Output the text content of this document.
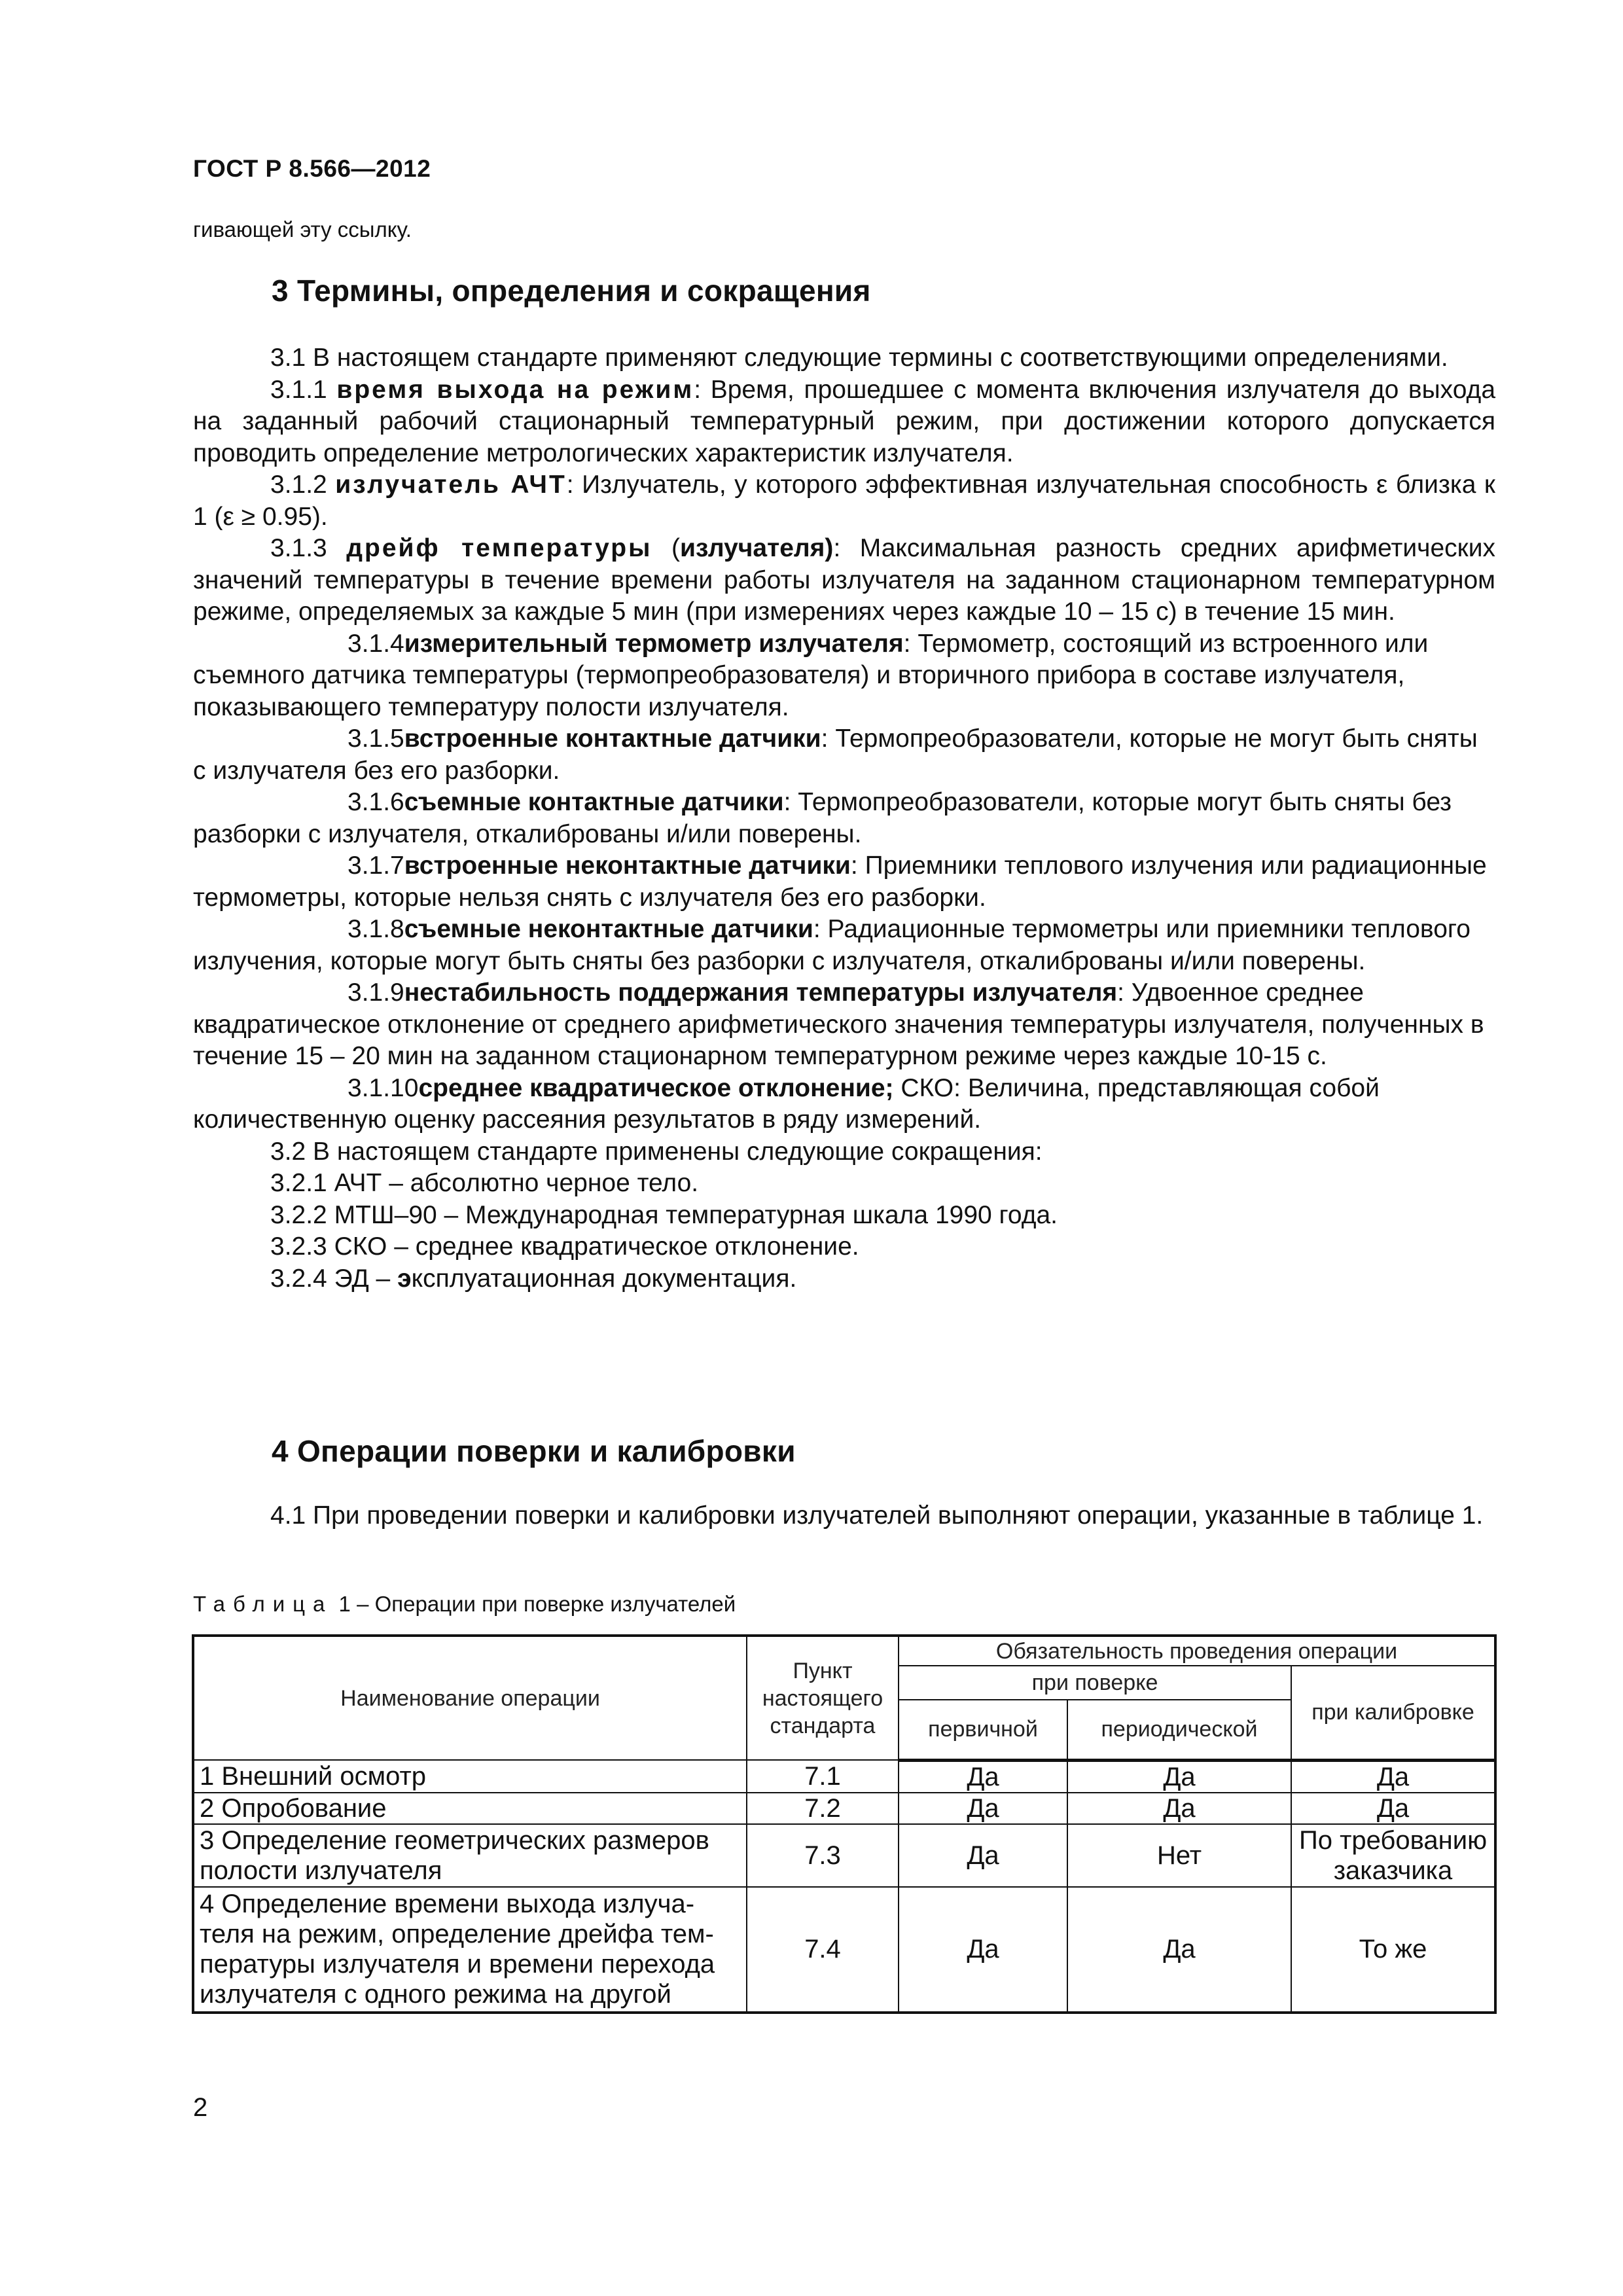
ГОСТ Р 8.566—2012
гивающей эту ссылку.
3 Термины, определения и сокращения

3.1 В настоящем стандарте применяют следующие термины с соответствующими определениями.

3.1.1 время выхода на режим: Время, прошедшее с момента включения излучателя до выхода на заданный рабочий стационарный температурный режим, при достижении которого допускается проводить определение метрологических характеристик излучателя.

3.1.2 излучатель АЧТ: Излучатель, у которого эффективная излучательная способность ε близка к 1 (ε ≥ 0.95).

3.1.3 дрейф температуры (излучателя): Максимальная разность средних арифметических значений температуры в течение времени работы излучателя на заданном стационарном температурном режиме, определяемых за каждые 5 мин (при измерениях через каждые 10 – 15 с) в течение 15 мин.

3.1.4измерительный термометр излучателя: Термометр, состоящий из встроенного или съемного датчика температуры (термопреобразователя) и вторичного прибора в составе излучателя, показывающего температуру полости излучателя.

3.1.5встроенные контактные датчики: Термопреобразователи, которые не могут быть сняты с излучателя без его разборки.

3.1.6съемные контактные датчики: Термопреобразователи, которые могут быть сняты без разборки с излучателя, откалиброваны и/или поверены.

3.1.7встроенные неконтактные датчики: Приемники теплового излучения или радиационные термометры, которые нельзя снять с излучателя без его разборки.

3.1.8съемные неконтактные датчики: Радиационные термометры или приемники теплового излучения, которые могут быть сняты без разборки с излучателя, откалиброваны и/или поверены.

3.1.9нестабильность поддержания температуры излучателя: Удвоенное среднее квадратическое отклонение от среднего арифметического значения температуры излучателя, полученных в течение 15 – 20 мин на заданном стационарном температурном режиме через каждые 10-15 с.

3.1.10среднее квадратическое отклонение; СКО: Величина, представляющая собой количественную оценку рассеяния результатов в ряду измерений.

3.2 В настоящем стандарте применены следующие сокращения:

3.2.1 АЧТ – абсолютно черное тело.

3.2.2 МТШ–90 – Международная температурная шкала 1990 года.

3.2.3 СКО – среднее квадратическое отклонение.

3.2.4 ЭД – эксплуатационная документация.

4 Операции поверки и калибровки

4.1 При проведении поверки и калибровки излучателей выполняют операции, указанные в таблице 1.

Таблица 1 – Операции при поверке излучателей
Наименование операции	Пункт настоящего стандарта	Обязательность проведения операции		
		при поверке		при калибровке
		первичной	периодической	
1 Внешний осмотр	7.1	Да	Да	Да
2 Опробование	7.2	Да	Да	Да
3 Определение геометрических размеров полости излучателя	7.3	Да	Нет	По требованию заказчика
4 Определение времени выхода излуча-теля на режим, определение дрейфа тем-пературы излучателя и времени перехода излучателя с одного режима на другой	7.4	Да	Да	То же
2
